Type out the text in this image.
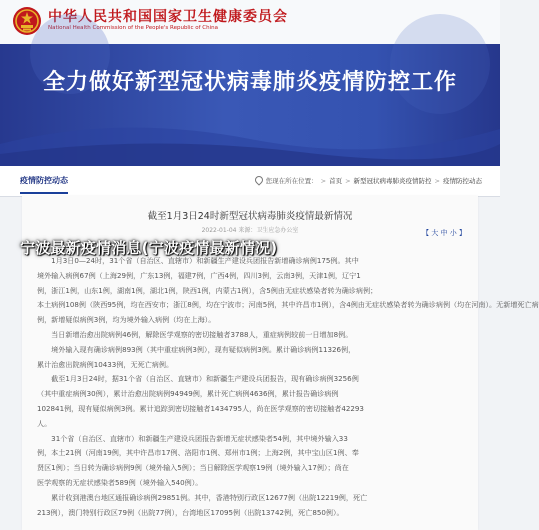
中华人民共和国国家卫生健康委员会
National Health Commission of the People's Republic of China
全力做好新型冠状病毒肺炎疫情防控工作
疫情防控动态	您现在所在位置： > 首页 > 新型冠状病毒肺炎疫情防控 > 疫情防控动态
截至1月3日24时新型冠状病毒肺炎疫情最新情况
2022-01-04 来源：卫生应急办公室	【 大 中 小 】
　　1月3日0—24时，31个省（自治区、直辖市）和新疆生产建设兵团报告新增确诊病例175例。其中
境外输入病例67例（上海29例，广东13例，福建7例，广西4例，四川3例，云南3例，天津1例，辽宁1
例，浙江1例，山东1例，湖南1例，湖北1例，陕西1例，内蒙古1例），含5例由无症状感染者转为确诊病例；
本土病例108例（陕西95例，均在西安市；浙江8例，均在宁波市；河南5例，其中许昌市1例），含4例由无症状感染者转为确诊病例（均在河南）。无新增死亡病
例，新增疑似病例3例，均为境外输入病例（均在上海）。
　　当日新增治愈出院病例46例，解除医学观察的密切接触者3788人，重症病例较前一日增加8例。
　　境外输入现有确诊病例893例（其中重症病例3例），现有疑似病例3例。累计确诊病例11326例，
累计治愈出院病例10433例，无死亡病例。
　　截至1月3日24时，据31个省（自治区、直辖市）和新疆生产建设兵团报告，现有确诊病例3256例
（其中重症病例30例），累计治愈出院病例94949例，累计死亡病例4636例，累计报告确诊病例
102841例，现有疑似病例3例。累计追踪到密切接触者1434795人，尚在医学观察的密切接触者42293
人。
　　31个省（自治区、直辖市）和新疆生产建设兵团报告新增无症状感染者54例，其中境外输入33
例，本土21例（河南19例，其中许昌市17例、洛阳市1例、郑州市1例；上海2例，其中宝山区1例、奉
贤区1例）；当日转为确诊病例9例（境外输入5例）；当日解除医学观察19例（境外输入17例）；尚在
医学观察的无症状感染者589例（境外输入540例）。
　　累计收到港澳台地区通报确诊病例29851例。其中，香港特别行政区12677例（出院12219例，死亡
213例），澳门特别行政区79例（出院77例），台湾地区17095例（出院13742例，死亡850例）。
宁波最新疫情消息(宁波疫情最新情况)
